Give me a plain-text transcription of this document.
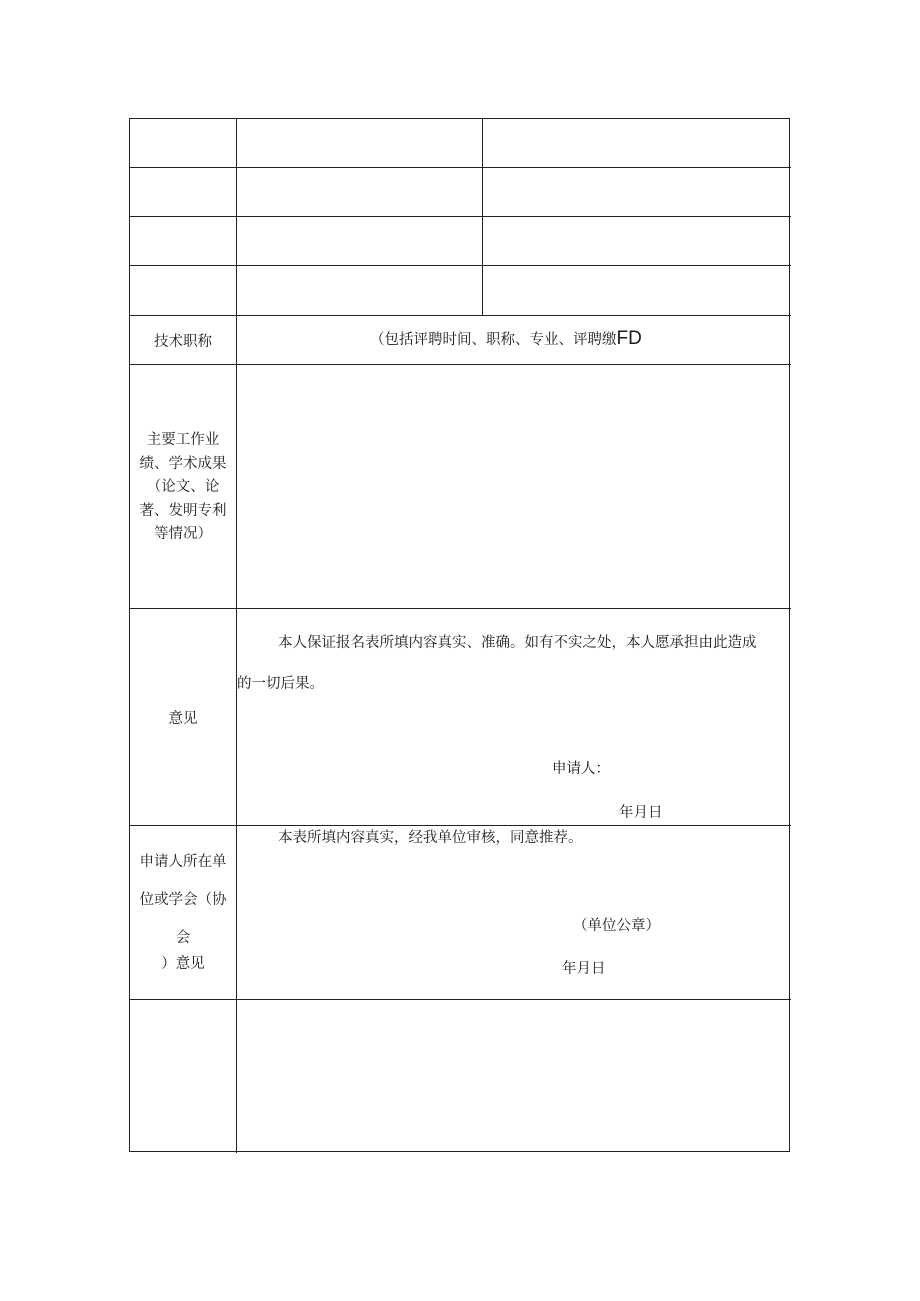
技术职称	（包括评聘时间、职称、专业、评聘缴FD
主要工作业
绩、学术成果
（论文、论
著、发明专利
等情况）
意见
本人保证报名表所填内容真实、准确。如有不实之处，本人愿承担由此造成
的一切后果。
申请人：
年月日
申请人所在单
位或学会（协
会
）意见
本表所填内容真实，经我单位审核，同意推荐。
（单位公章）
年月日
